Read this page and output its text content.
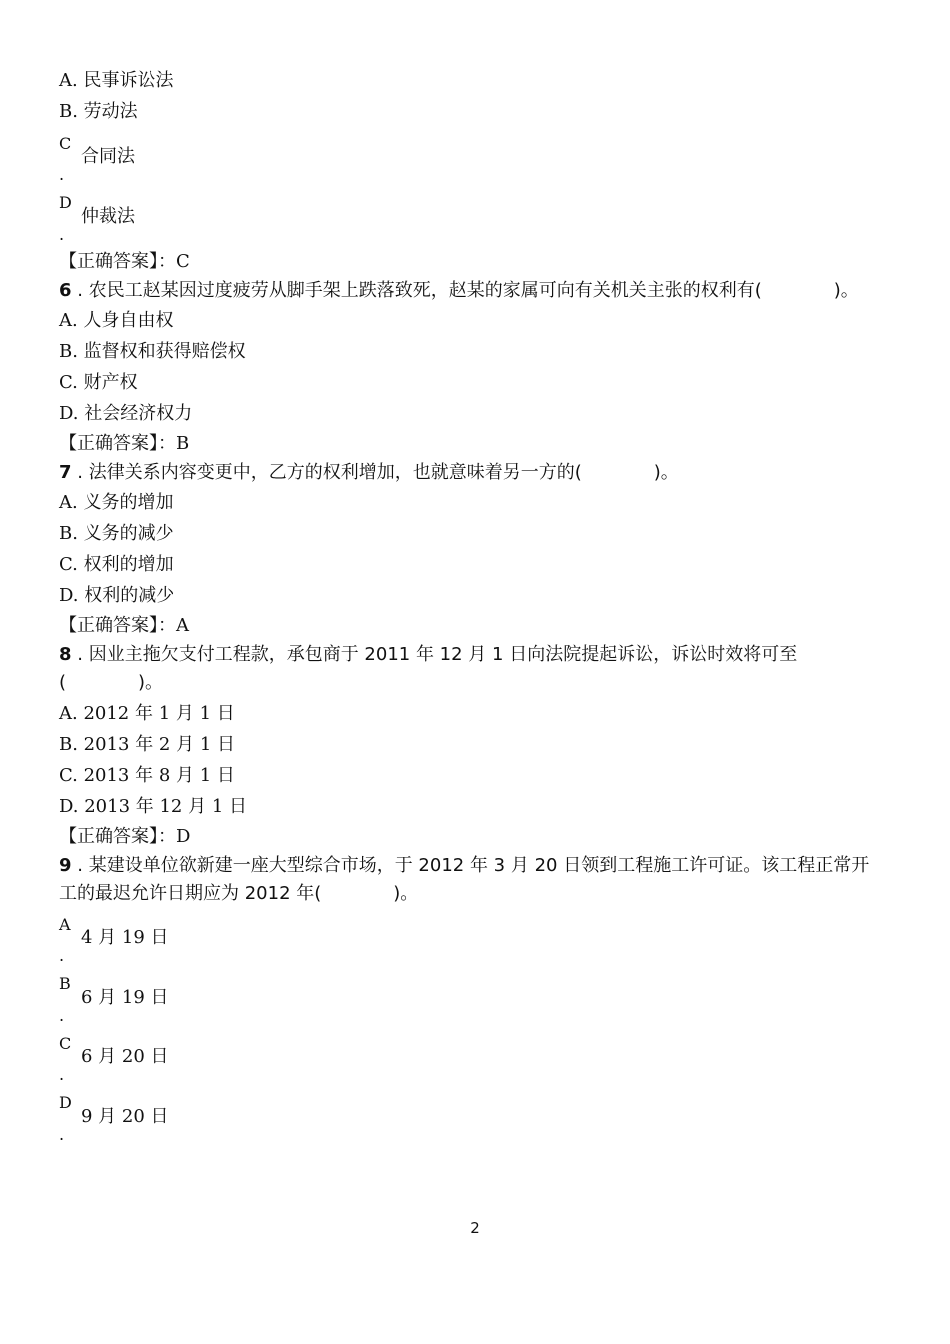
A. 民事诉讼法
B. 劳动法
C
合同法
.
D
仲裁法
.
【正确答案】：C
6 . 农民工赵某因过度疲劳从脚手架上跌落致死，赵某的家属可向有关机关主张的权利有(　　　　)。
A. 人身自由权
B. 监督权和获得赔偿权
C. 财产权
D. 社会经济权力
【正确答案】：B
7 . 法律关系内容变更中，乙方的权利增加，也就意味着另一方的(　　　　)。
A. 义务的增加
B. 义务的减少
C. 权利的增加
D. 权利的减少
【正确答案】：A
8 . 因业主拖欠支付工程款，承包商于 2011 年 12 月 1 日向法院提起诉讼，诉讼时效将可至
(　　　　)。
A. 2012 年 1 月 1 日
B. 2013 年 2 月 1 日
C. 2013 年 8 月 1 日
D. 2013 年 12 月 1 日
【正确答案】：D
9 . 某建设单位欲新建一座大型综合市场，于 2012 年 3 月 20 日领到工程施工许可证。该工程正常开
工的最迟允许日期应为 2012 年(　　　　)。
A
4 月 19 日
.
B
6 月 19 日
.
C
6 月 20 日
.
D
9 月 20 日
.
2
